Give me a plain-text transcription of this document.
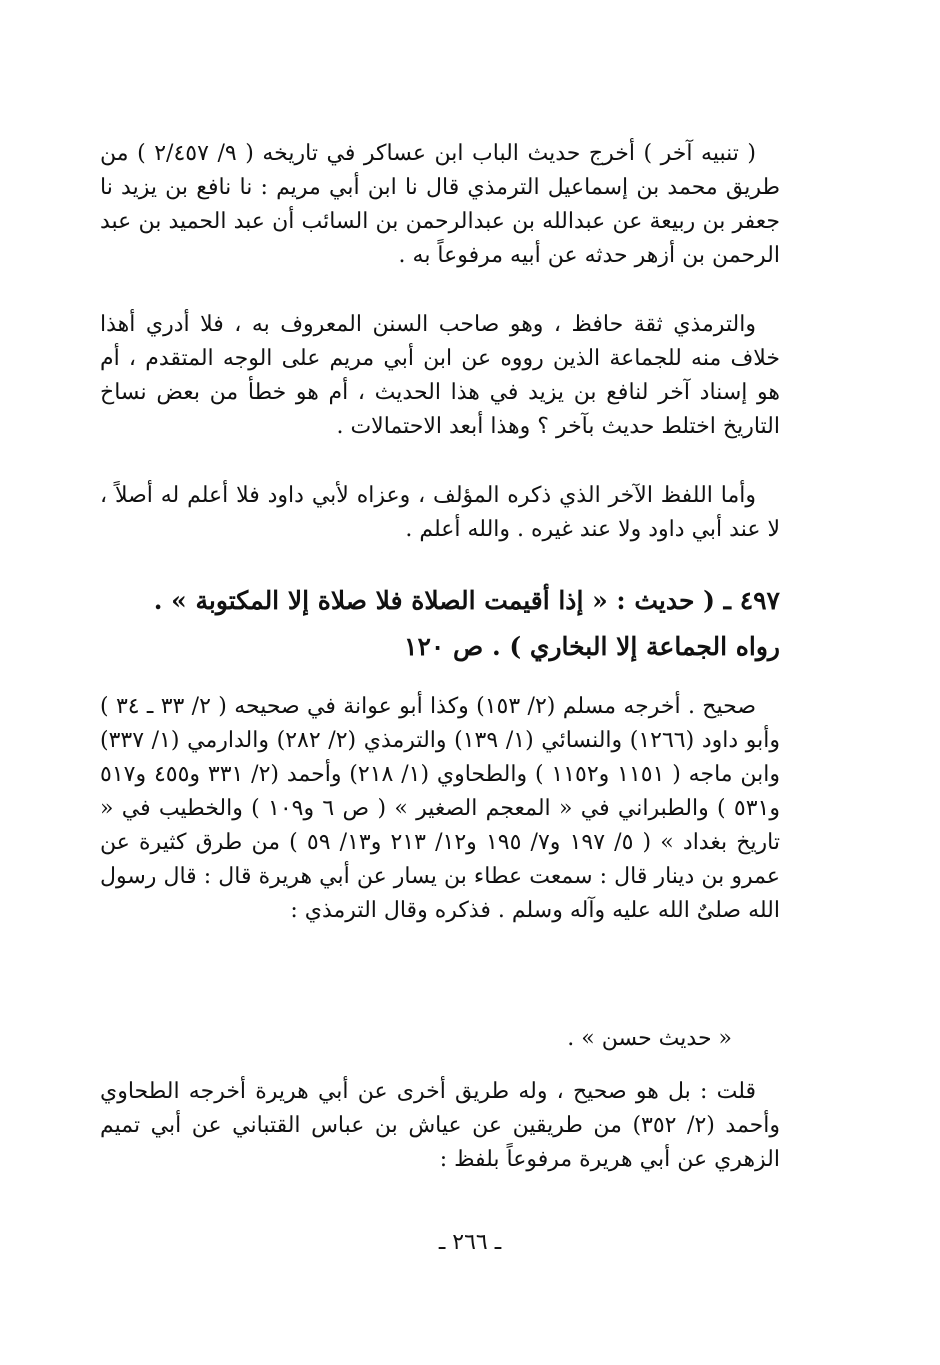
( تنبيه آخر ) أخرج حديث الباب ابن عساكر في تاريخه ( ٩/ ٢/٤٥٧ ) من طريق محمد بن إسماعيل الترمذي قال نا ابن أبي مريم : نا نافع بن يزيد نا جعفر بن ربيعة عن عبدالله بن عبدالرحمن بن السائب أن عبد الحميد بن عبد الرحمن بن أزهر حدثه عن أبيه مرفوعاً به .

والترمذي ثقة حافظ ، وهو صاحب السنن المعروف به ، فلا أدري أهذا خلاف منه للجماعة الذين رووه عن ابن أبي مريم على الوجه المتقدم ، أم هو إسناد آخر لنافع بن يزيد في هذا الحديث ، أم هو خطأ من بعض نساخ التاريخ اختلط حديث بآخر ؟ وهذا أبعد الاحتمالات .

وأما اللفظ الآخر الذي ذكره المؤلف ، وعزاه لأبي داود فلا أعلم له أصلاً ، لا عند أبي داود ولا عند غيره . والله أعلم .

٤٩٧ ـ ( حديث : « إذا أقيمت الصلاة فلا صلاة إلا المكتوبة » .
رواه الجماعة إلا البخاري ) . ص ١٢٠

صحيح . أخرجه مسلم (٢/ ١٥٣) وكذا أبو عوانة في صحيحه ( ٢/ ٣٣ ـ ٣٤ ) وأبو داود (١٢٦٦) والنسائي (١/ ١٣٩) والترمذي (٢/ ٢٨٢) والدارمي (١/ ٣٣٧) وابن ماجه ( ١١٥١ و١١٥٢ ) والطحاوي (١/ ٢١٨) وأحمد (٢/ ٣٣١ و٤٥٥ و٥١٧ و٥٣١ ) والطبراني في « المعجم الصغير » ( ص ٦ و١٠٩ ) والخطيب في « تاريخ بغداد » ( ٥/ ١٩٧ و٧/ ١٩٥ و١٢/ ٢١٣ و١٣/ ٥٩ ) من طرق كثيرة عن عمرو بن دينار قال : سمعت عطاء بن يسار عن أبي هريرة قال : قال رسول الله صلىٌ الله عليه وآله وسلم . فذكره وقال الترمذي :

« حديث حسن » .

قلت : بل هو صحيح ، وله طريق أخرى عن أبي هريرة أخرجه الطحاوي وأحمد (٢/ ٣٥٢) من طريقين عن عياش بن عباس القتباني عن أبي تميم الزهري عن أبي هريرة مرفوعاً بلفظ :

ـ ٢٦٦ ـ
